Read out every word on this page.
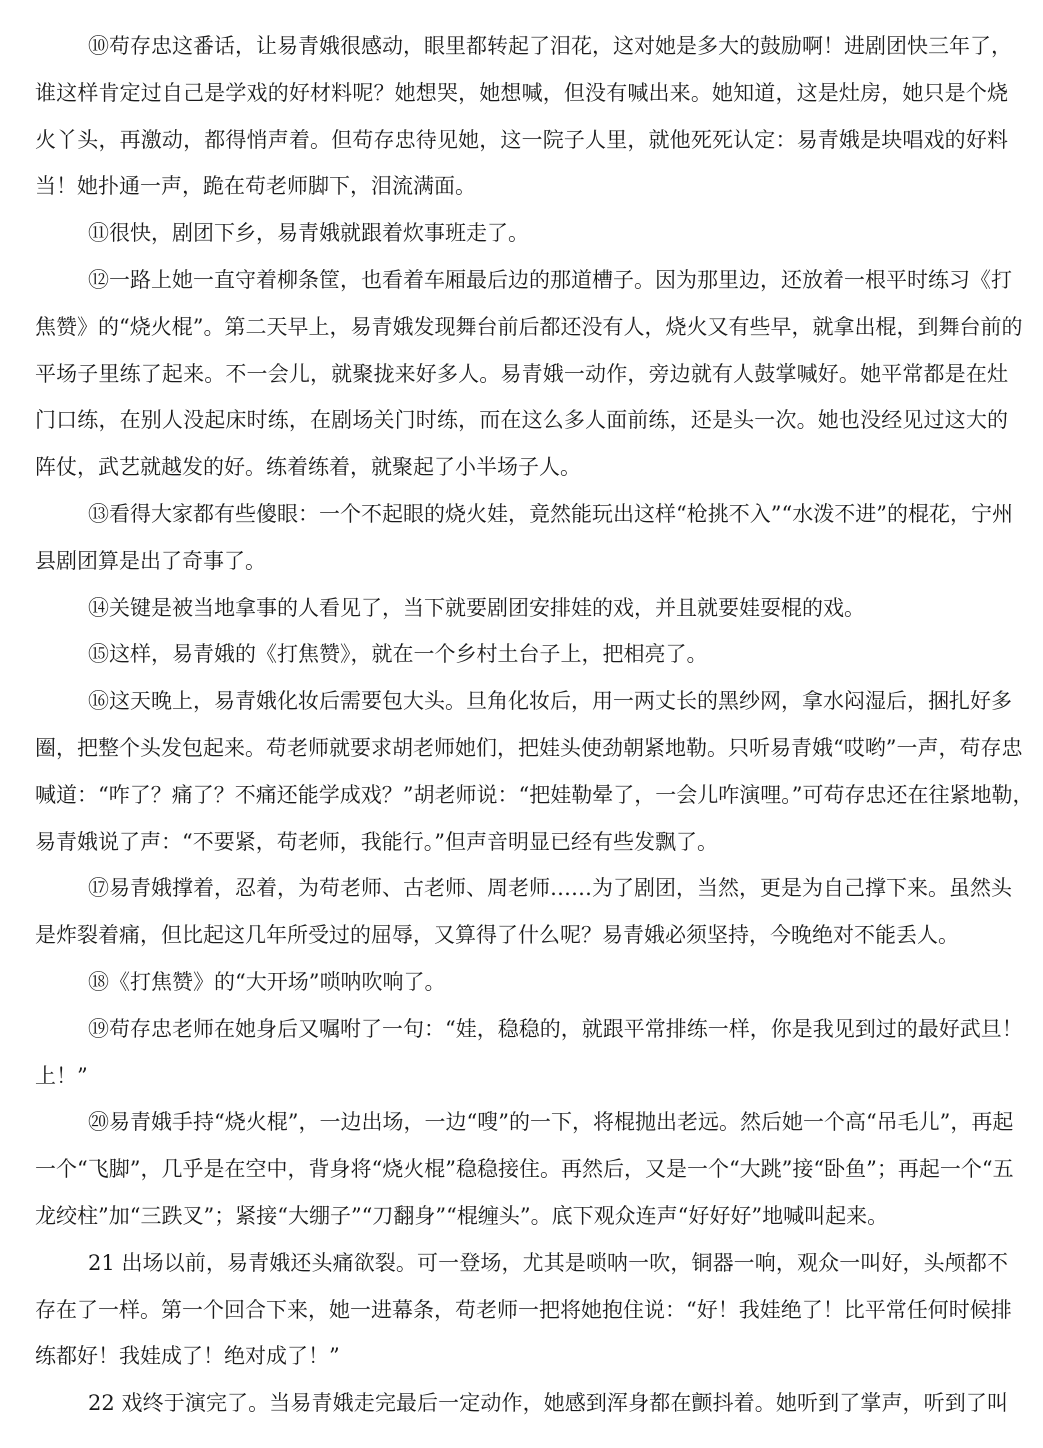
⑩苟存忠这番话，让易青娥很感动，眼里都转起了泪花，这对她是多大的鼓励啊！进剧团快三年了，
谁这样肯定过自己是学戏的好材料呢？她想哭，她想喊，但没有喊出来。她知道，这是灶房，她只是个烧
火丫头，再激动，都得悄声着。但苟存忠待见她，这一院子人里，就他死死认定：易青娥是块唱戏的好料
当！她扑通一声，跪在苟老师脚下，泪流满面。
⑪很快，剧团下乡，易青娥就跟着炊事班走了。
⑫一路上她一直守着柳条筐，也看着车厢最后边的那道槽子。因为那里边，还放着一根平时练习《打
焦赞》的“烧火棍”。第二天早上，易青娥发现舞台前后都还没有人，烧火又有些早，就拿出棍，到舞台前的
平场子里练了起来。不一会儿，就聚拢来好多人。易青娥一动作，旁边就有人鼓掌喊好。她平常都是在灶
门口练，在别人没起床时练，在剧场关门时练，而在这么多人面前练，还是头一次。她也没经见过这大的
阵仗，武艺就越发的好。练着练着，就聚起了小半场子人。
⑬看得大家都有些傻眼：一个不起眼的烧火娃，竟然能玩出这样“枪挑不入”“水泼不进”的棍花，宁州
县剧团算是出了奇事了。
⑭关键是被当地拿事的人看见了，当下就要剧团安排娃的戏，并且就要娃耍棍的戏。
⑮这样，易青娥的《打焦赞》，就在一个乡村土台子上，把相亮了。
⑯这天晚上，易青娥化妆后需要包大头。旦角化妆后，用一两丈长的黑纱网，拿水闷湿后，捆扎好多
圈，把整个头发包起来。苟老师就要求胡老师她们，把娃头使劲朝紧地勒。只听易青娥“哎哟”一声，苟存忠
喊道：“咋了？痛了？不痛还能学成戏？”胡老师说：“把娃勒晕了，一会儿咋演哩。”可苟存忠还在往紧地勒，
易青娥说了声：“不要紧，苟老师，我能行。”但声音明显已经有些发飘了。
⑰易青娥撑着，忍着，为苟老师、古老师、周老师……为了剧团，当然，更是为自己撑下来。虽然头
是炸裂着痛，但比起这几年所受过的屈辱，又算得了什么呢？易青娥必须坚持，今晚绝对不能丢人。
⑱《打焦赞》的“大开场”唢呐吹响了。
⑲苟存忠老师在她身后又嘱咐了一句：“娃，稳稳的，就跟平常排练一样，你是我见到过的最好武旦！
上！”
⑳易青娥手持“烧火棍”，一边出场，一边“嗖”的一下，将棍抛出老远。然后她一个高“吊毛儿”，再起
一个“飞脚”，几乎是在空中，背身将“烧火棍”稳稳接住。再然后，又是一个“大跳”接“卧鱼”；再起一个“五
龙绞柱”加“三跌叉”；紧接“大绷子”“刀翻身”“棍缠头”。底下观众连声“好好好”地喊叫起来。
21 出场以前，易青娥还头痛欲裂。可一登场，尤其是唢呐一吹，铜器一响，观众一叫好，头颅都不
存在了一样。第一个回合下来，她一进幕条，苟老师一把将她抱住说：“好！我娃绝了！比平常任何时候排
练都好！我娃成了！绝对成了！”
22 戏终于演完了。当易青娥走完最后一定动作，她感到浑身都在颤抖着。她听到了掌声，听到了叫
